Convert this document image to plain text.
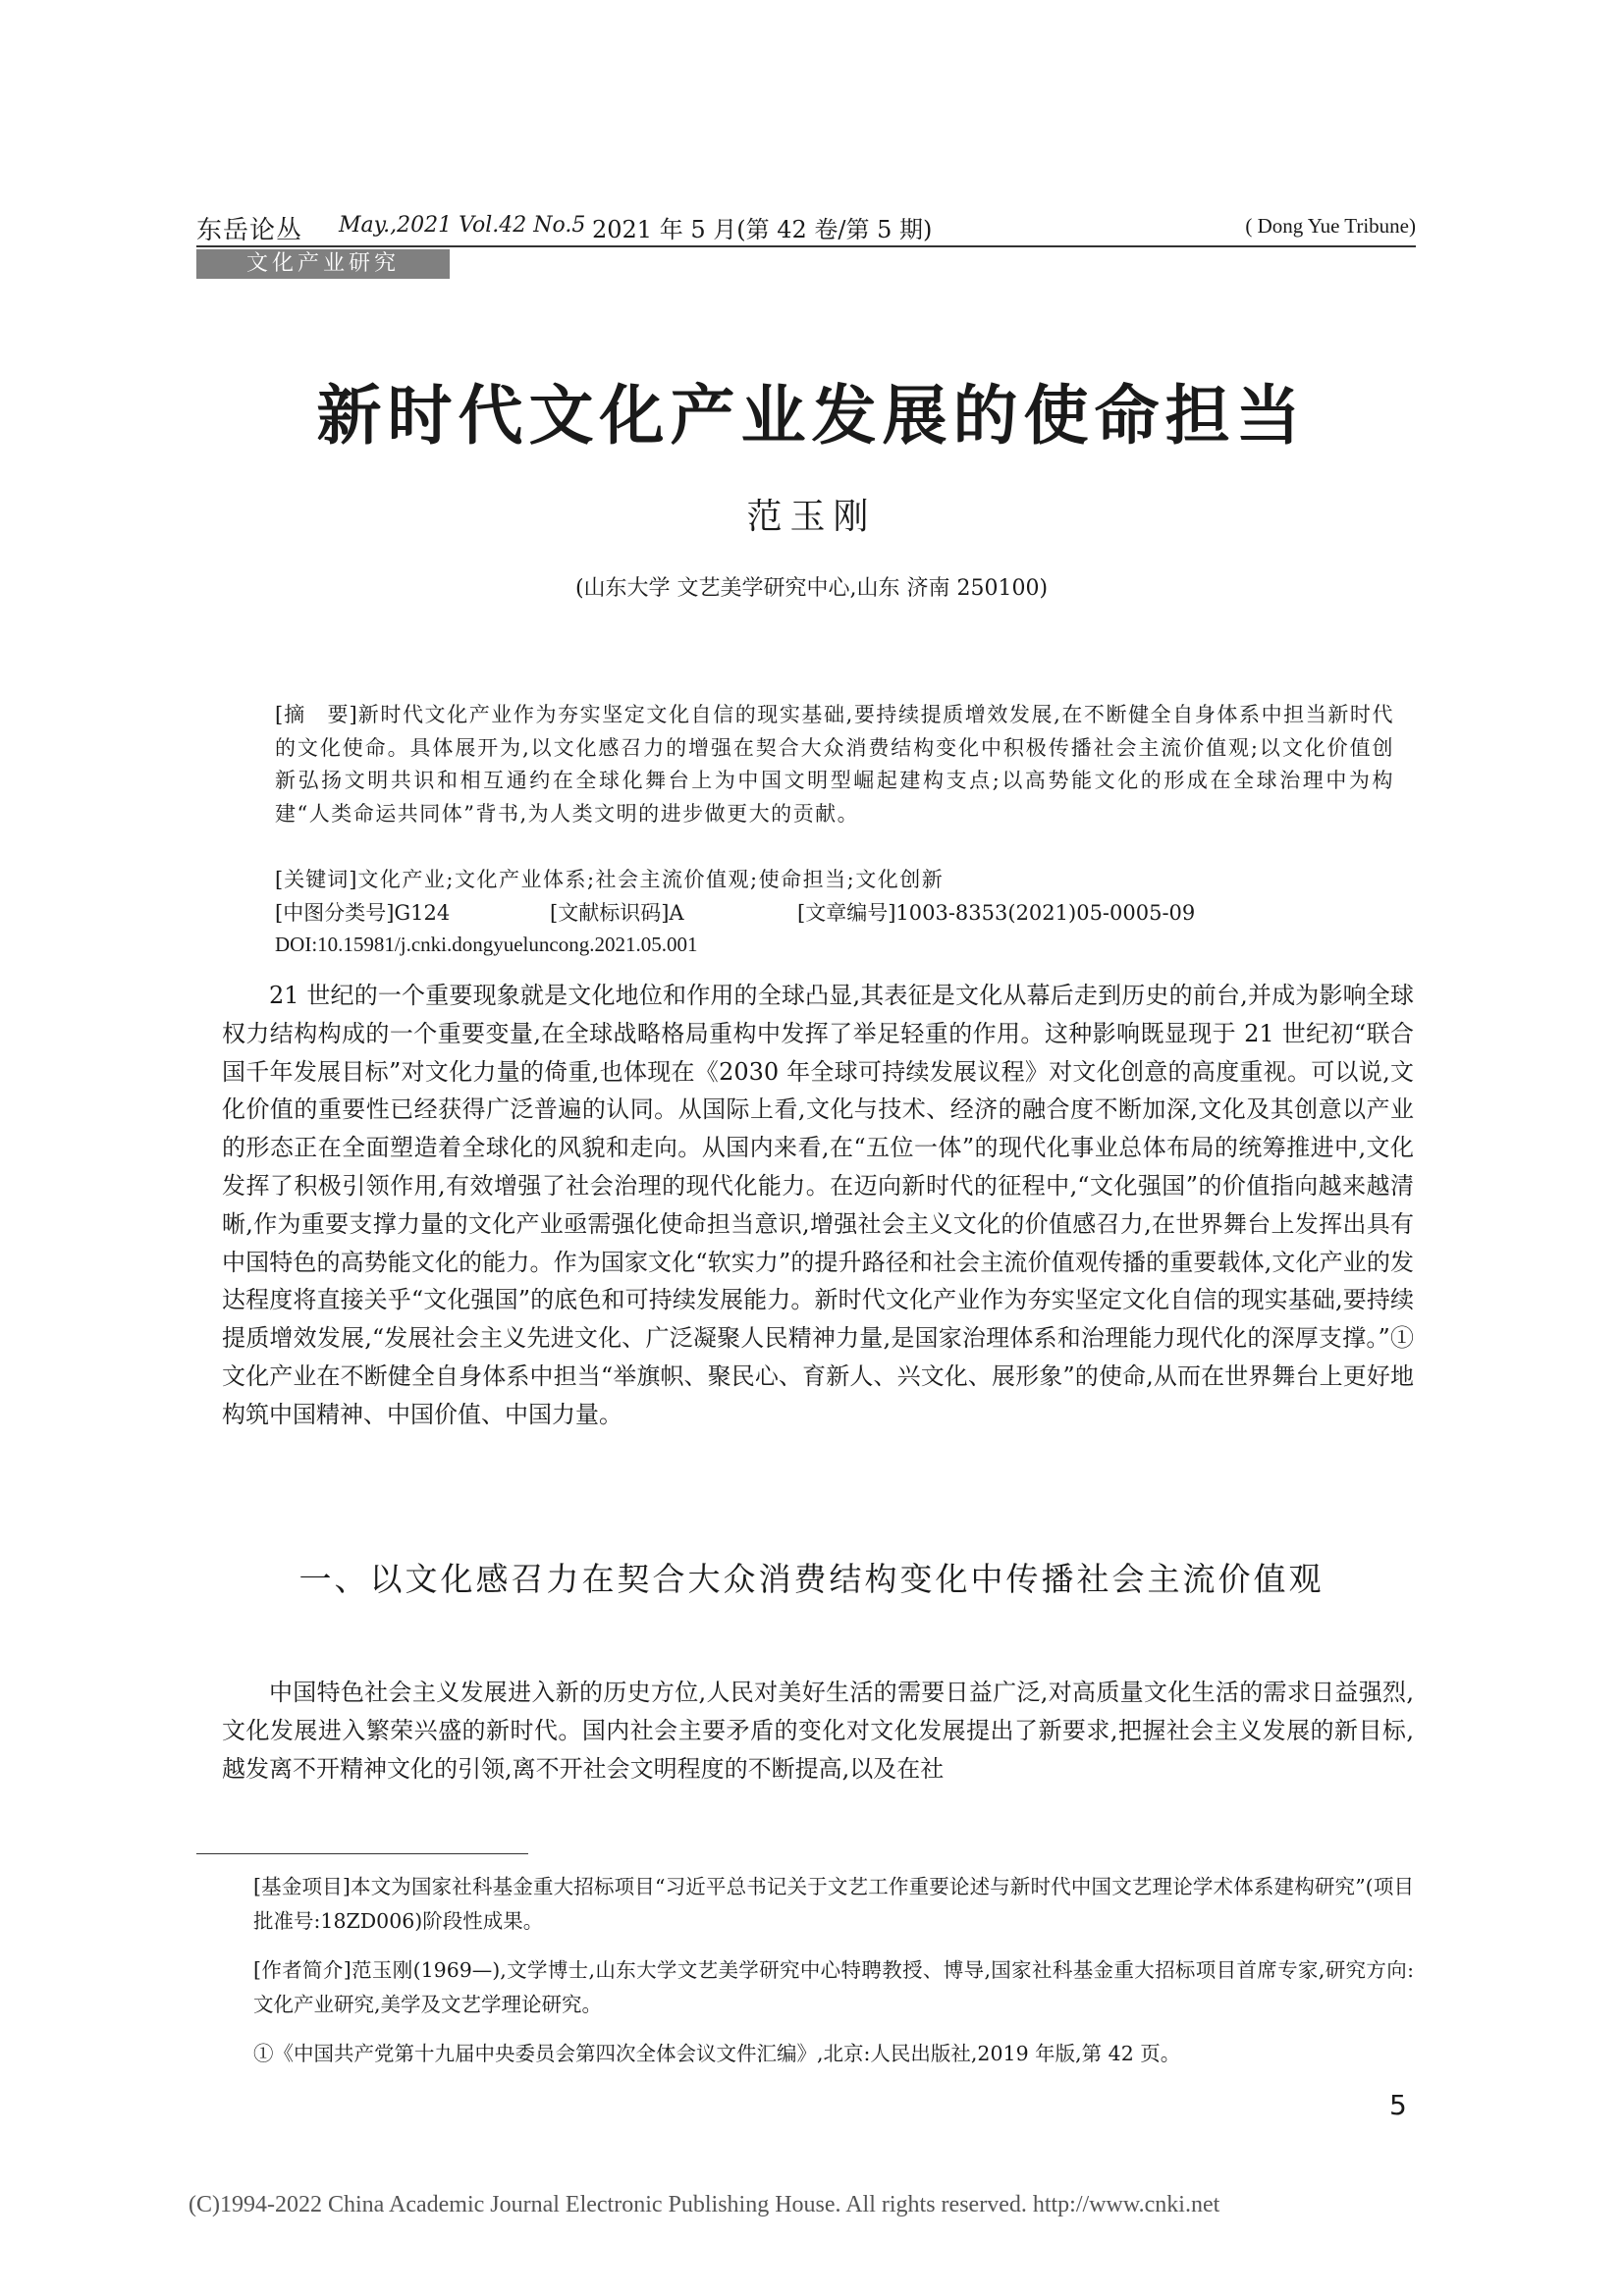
东岳论丛 May.,2021 Vol.42 No.5 2021 年 5 月(第 42 卷/第 5 期)	( Dong Yue Tribune)
文化产业研究
新时代文化产业发展的使命担当
范玉刚
(山东大学 文艺美学研究中心,山东 济南 250100)
[摘　要]新时代文化产业作为夯实坚定文化自信的现实基础,要持续提质增效发展,在不断健全自身体系中担当新时代的文化使命。具体展开为,以文化感召力的增强在契合大众消费结构变化中积极传播社会主流价值观;以文化价值创新弘扬文明共识和相互通约在全球化舞台上为中国文明型崛起建构支点;以高势能文化的形成在全球治理中为构建“人类命运共同体”背书,为人类文明的进步做更大的贡献。
[关键词]文化产业;文化产业体系;社会主流价值观;使命担当;文化创新
[中图分类号]G124	[文献标识码]A	[文章编号]1003-8353(2021)05-0005-09
DOI:10.15981/j.cnki.dongyueluncong.2021.05.001
21 世纪的一个重要现象就是文化地位和作用的全球凸显,其表征是文化从幕后走到历史的前台,并成为影响全球权力结构构成的一个重要变量,在全球战略格局重构中发挥了举足轻重的作用。这种影响既显现于 21 世纪初“联合国千年发展目标”对文化力量的倚重,也体现在《2030 年全球可持续发展议程》对文化创意的高度重视。可以说,文化价值的重要性已经获得广泛普遍的认同。从国际上看,文化与技术、经济的融合度不断加深,文化及其创意以产业的形态正在全面塑造着全球化的风貌和走向。从国内来看,在“五位一体”的现代化事业总体布局的统筹推进中,文化发挥了积极引领作用,有效增强了社会治理的现代化能力。在迈向新时代的征程中,“文化强国”的价值指向越来越清晰,作为重要支撑力量的文化产业亟需强化使命担当意识,增强社会主义文化的价值感召力,在世界舞台上发挥出具有中国特色的高势能文化的能力。作为国家文化“软实力”的提升路径和社会主流价值观传播的重要载体,文化产业的发达程度将直接关乎“文化强国”的底色和可持续发展能力。新时代文化产业作为夯实坚定文化自信的现实基础,要持续提质增效发展,“发展社会主义先进文化、广泛凝聚人民精神力量,是国家治理体系和治理能力现代化的深厚支撑。”①文化产业在不断健全自身体系中担当“举旗帜、聚民心、育新人、兴文化、展形象”的使命,从而在世界舞台上更好地构筑中国精神、中国价值、中国力量。
一、以文化感召力在契合大众消费结构变化中传播社会主流价值观
中国特色社会主义发展进入新的历史方位,人民对美好生活的需要日益广泛,对高质量文化生活的需求日益强烈,文化发展进入繁荣兴盛的新时代。国内社会主要矛盾的变化对文化发展提出了新要求,把握社会主义发展的新目标,越发离不开精神文化的引领,离不开社会文明程度的不断提高,以及在社
[基金项目]本文为国家社科基金重大招标项目“习近平总书记关于文艺工作重要论述与新时代中国文艺理论学术体系建构研究”(项目批准号:18ZD006)阶段性成果。
[作者简介]范玉刚(1969—),文学博士,山东大学文艺美学研究中心特聘教授、博导,国家社科基金重大招标项目首席专家,研究方向:文化产业研究,美学及文艺学理论研究。
①《中国共产党第十九届中央委员会第四次全体会议文件汇编》,北京:人民出版社,2019 年版,第 42 页。
5
(C)1994-2022 China Academic Journal Electronic Publishing House. All rights reserved. http://www.cnki.net
